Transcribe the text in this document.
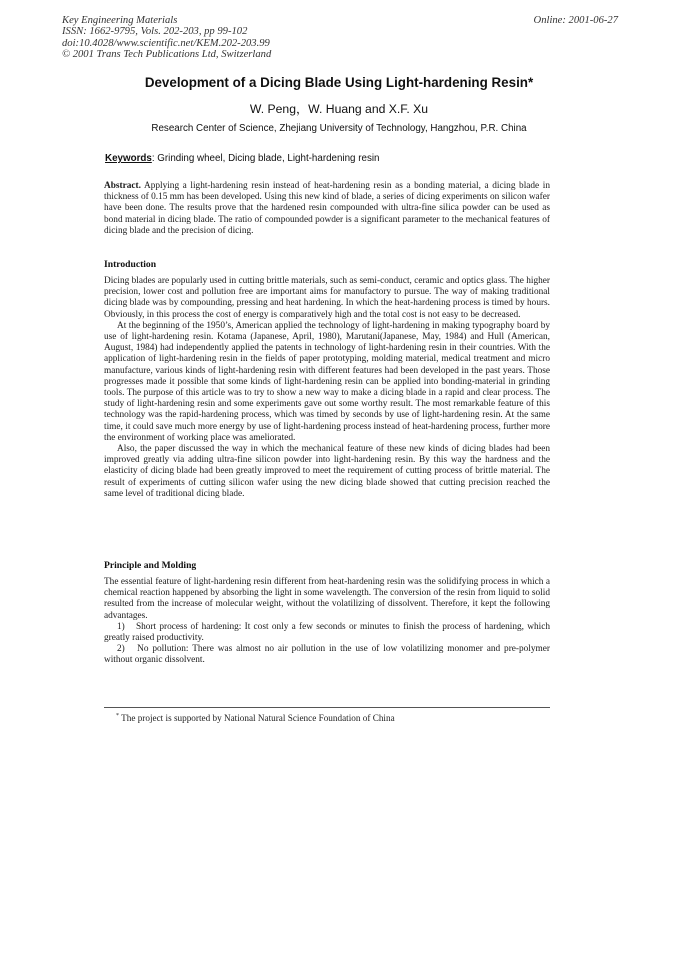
Key Engineering Materials
ISSN: 1662-9795, Vols. 202-203, pp 99-102
doi:10.4028/www.scientific.net/KEM.202-203.99
© 2001 Trans Tech Publications Ltd, Switzerland
Online: 2001-06-27
Development of a Dicing Blade Using Light-hardening Resin*
W. Peng，W. Huang and X.F. Xu
Research Center of Science, Zhejiang University of Technology, Hangzhou, P.R. China
Keywords: Grinding wheel, Dicing blade, Light-hardening resin

Abstract. Applying a light-hardening resin instead of heat-hardening resin as a bonding material, a dicing blade in thickness of 0.15 mm has been developed. Using this new kind of blade, a series of dicing experiments on silicon wafer have been done. The results prove that the hardened resin compounded with ultra-fine silica powder can be used as bond material in dicing blade. The ratio of compounded powder is a significant parameter to the mechanical features of dicing blade and the precision of dicing.

Introduction

Dicing blades are popularly used in cutting brittle materials, such as semi-conduct, ceramic and optics glass. The higher precision, lower cost and pollution free are important aims for manufactory to pursue. The way of making traditional dicing blade was by compounding, pressing and heat hardening. In which the heat-hardening process is timed by hours. Obviously, in this process the cost of energy is comparatively high and the total cost is not easy to be decreased.

At the beginning of the 1950’s, American applied the technology of light-hardening in making typography board by use of light-hardening resin. Kotama (Japanese, April, 1980), Marutani(Japanese, May, 1984) and Hull (American, August, 1984) had independently applied the patents in technology of light-hardening resin in their countries. With the application of light-hardening resin in the fields of paper prototyping, molding material, medical treatment and micro manufacture, various kinds of light-hardening resin with different features had been developed in the past years. Those progresses made it possible that some kinds of light-hardening resin can be applied into bonding-material in grinding tools. The purpose of this article was to try to show a new way to make a dicing blade in a rapid and clear process. The study of light-hardening resin and some experiments gave out some worthy result. The most remarkable feature of this technology was the rapid-hardening process, which was timed by seconds by use of light-hardening resin. At the same time, it could save much more energy by use of light-hardening process instead of heat-hardening process, further more the environment of working place was ameliorated.

Also, the paper discussed the way in which the mechanical feature of these new kinds of dicing blades had been improved greatly via adding ultra-fine silicon powder into light-hardening resin. By this way the hardness and the elasticity of dicing blade had been greatly improved to meet the requirement of cutting process of brittle material. The result of experiments of cutting silicon wafer using the new dicing blade showed that cutting precision reached the same level of traditional dicing blade.

Principle and Molding

The essential feature of light-hardening resin different from heat-hardening resin was the solidifying process in which a chemical reaction happened by absorbing the light in some wavelength. The conversion of the resin from liquid to solid resulted from the increase of molecular weight, without the volatilizing of dissolvent. Therefore, it kept the following advantages.

1)　Short process of hardening: It cost only a few seconds or minutes to finish the process of hardening, which greatly raised productivity.

2)　No pollution: There was almost no air pollution in the use of low volatilizing monomer and pre-polymer without organic dissolvent.

* The project is supported by National Natural Science Foundation of China
